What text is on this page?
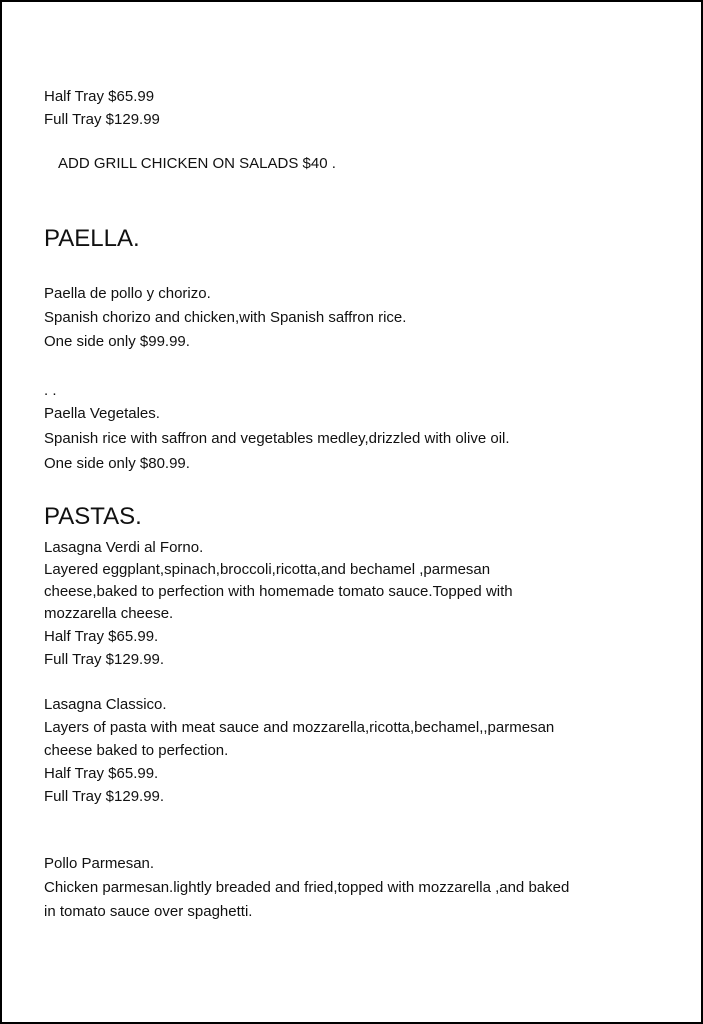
Half Tray $65.99
Full Tray $129.99
ADD GRILL CHICKEN ON SALADS $40 .
PAELLA.
Paella de pollo y chorizo.
Spanish chorizo and chicken,with Spanish saffron rice.
One side only $99.99.
. .
Paella Vegetales.
Spanish rice with saffron and vegetables medley,drizzled with olive oil.
One side only $80.99.
PASTAS.
Lasagna Verdi al Forno.
Layered eggplant,spinach,broccoli,ricotta,and bechamel ,parmesan
cheese,baked to perfection with homemade tomato sauce.Topped with
mozzarella cheese.
Half Tray $65.99.
Full Tray $129.99.
Lasagna Classico.
Layers of pasta with meat sauce and mozzarella,ricotta,bechamel,,parmesan
cheese baked to perfection.
Half Tray $65.99.
Full Tray $129.99.
Pollo Parmesan.
Chicken parmesan.lightly breaded and fried,topped with mozzarella ,and baked
in tomato sauce over spaghetti.
